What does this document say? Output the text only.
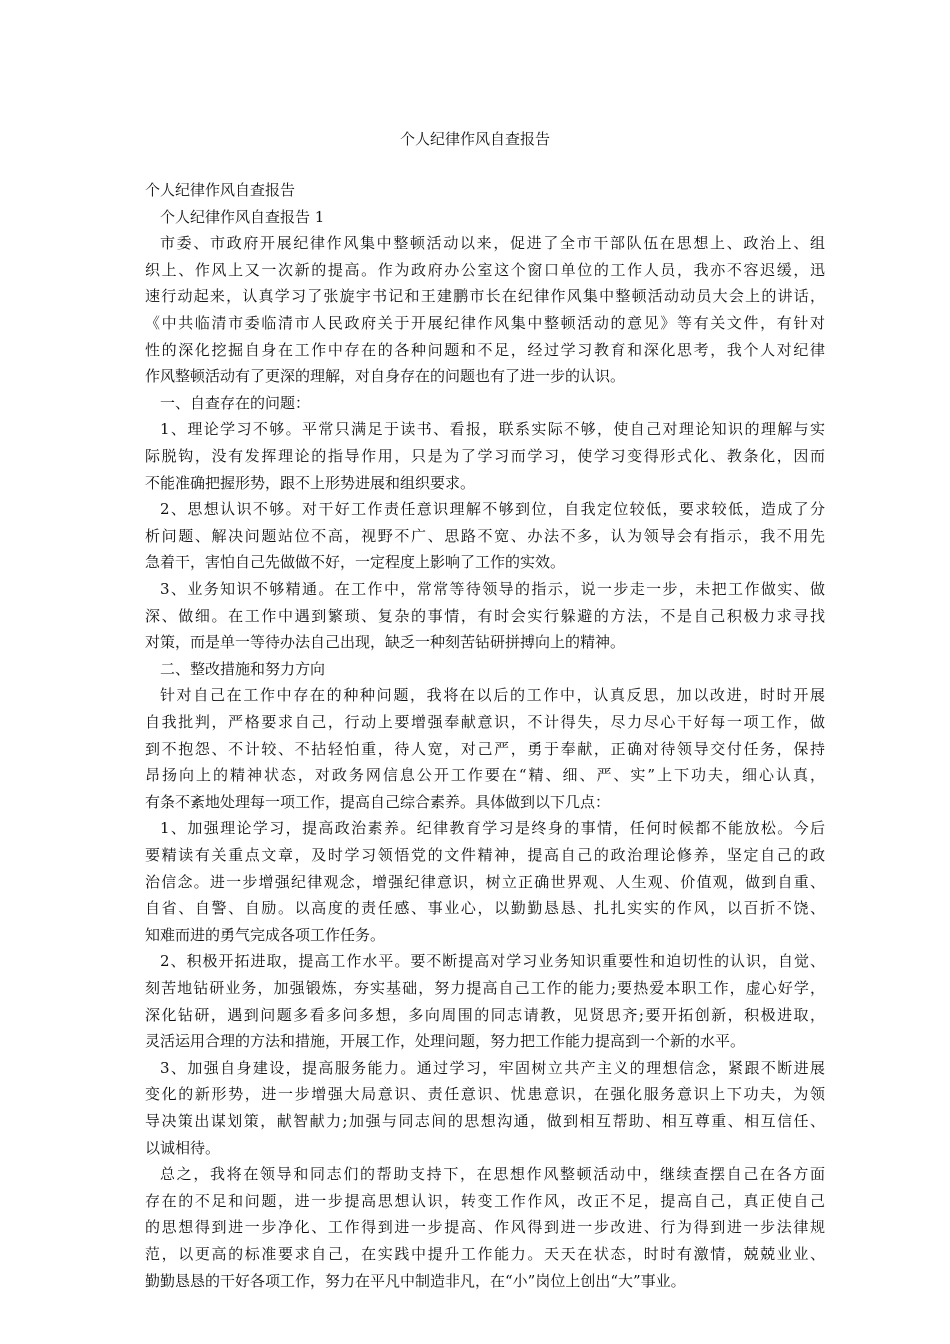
个人纪律作风自查报告
个人纪律作风自查报告
个人纪律作风自查报告 1
市委、市政府开展纪律作风集中整顿活动以来，促进了全市干部队伍在思想上、政治上、组
织上、作风上又一次新的提高。作为政府办公室这个窗口单位的工作人员，我亦不容迟缓，迅
速行动起来，认真学习了张旋宇书记和王建鹏市长在纪律作风集中整顿活动动员大会上的讲话，
《中共临清市委临清市人民政府关于开展纪律作风集中整顿活动的意见》等有关文件，有针对
性的深化挖掘自身在工作中存在的各种问题和不足，经过学习教育和深化思考，我个人对纪律
作风整顿活动有了更深的理解，对自身存在的问题也有了进一步的认识。
一、自查存在的问题：
1、理论学习不够。平常只满足于读书、看报，联系实际不够，使自己对理论知识的理解与实
际脱钩，没有发挥理论的指导作用，只是为了学习而学习，使学习变得形式化、教条化，因而
不能准确把握形势，跟不上形势进展和组织要求。
2、思想认识不够。对干好工作责任意识理解不够到位，自我定位较低，要求较低，造成了分
析问题、解决问题站位不高，视野不广、思路不宽、办法不多，认为领导会有指示，我不用先
急着干，害怕自己先做做不好，一定程度上影响了工作的实效。
3、业务知识不够精通。在工作中，常常等待领导的指示，说一步走一步，未把工作做实、做
深、做细。在工作中遇到繁琐、复杂的事情，有时会实行躲避的方法，不是自己积极力求寻找
对策，而是单一等待办法自己出现，缺乏一种刻苦钻研拼搏向上的精神。
二、整改措施和努力方向
针对自己在工作中存在的种种问题，我将在以后的工作中，认真反思，加以改进，时时开展
自我批判，严格要求自己，行动上要增强奉献意识，不计得失，尽力尽心干好每一项工作，做
到不抱怨、不计较、不拈轻怕重，待人宽，对己严，勇于奉献，正确对待领导交付任务，保持
昂扬向上的精神状态，对政务网信息公开工作要在“精、细、严、实”上下功夫，细心认真，
有条不紊地处理每一项工作，提高自己综合素养。具体做到以下几点：
1、加强理论学习，提高政治素养。纪律教育学习是终身的事情，任何时候都不能放松。今后
要精读有关重点文章，及时学习领悟党的文件精神，提高自己的政治理论修养，坚定自己的政
治信念。进一步增强纪律观念，增强纪律意识，树立正确世界观、人生观、价值观，做到自重、
自省、自警、自励。以高度的责任感、事业心，以勤勤恳恳、扎扎实实的作风，以百折不饶、
知难而进的勇气完成各项工作任务。
2、积极开拓进取，提高工作水平。要不断提高对学习业务知识重要性和迫切性的认识，自觉、
刻苦地钻研业务，加强锻炼，夯实基础，努力提高自己工作的能力;要热爱本职工作，虚心好学，
深化钻研，遇到问题多看多问多想，多向周围的同志请教，见贤思齐;要开拓创新，积极进取，
灵活运用合理的方法和措施，开展工作，处理问题，努力把工作能力提高到一个新的水平。
3、加强自身建设，提高服务能力。通过学习，牢固树立共产主义的理想信念，紧跟不断进展
变化的新形势，进一步增强大局意识、责任意识、忧患意识，在强化服务意识上下功夫，为领
导决策出谋划策，献智献力;加强与同志间的思想沟通，做到相互帮助、相互尊重、相互信任、
以诚相待。
总之，我将在领导和同志们的帮助支持下，在思想作风整顿活动中，继续查摆自己在各方面
存在的不足和问题，进一步提高思想认识，转变工作作风，改正不足，提高自己，真正使自己
的思想得到进一步净化、工作得到进一步提高、作风得到进一步改进、行为得到进一步法律规
范，以更高的标准要求自己，在实践中提升工作能力。天天在状态，时时有激情，兢兢业业、
勤勤恳恳的干好各项工作，努力在平凡中制造非凡，在“小”岗位上创出“大”事业。
